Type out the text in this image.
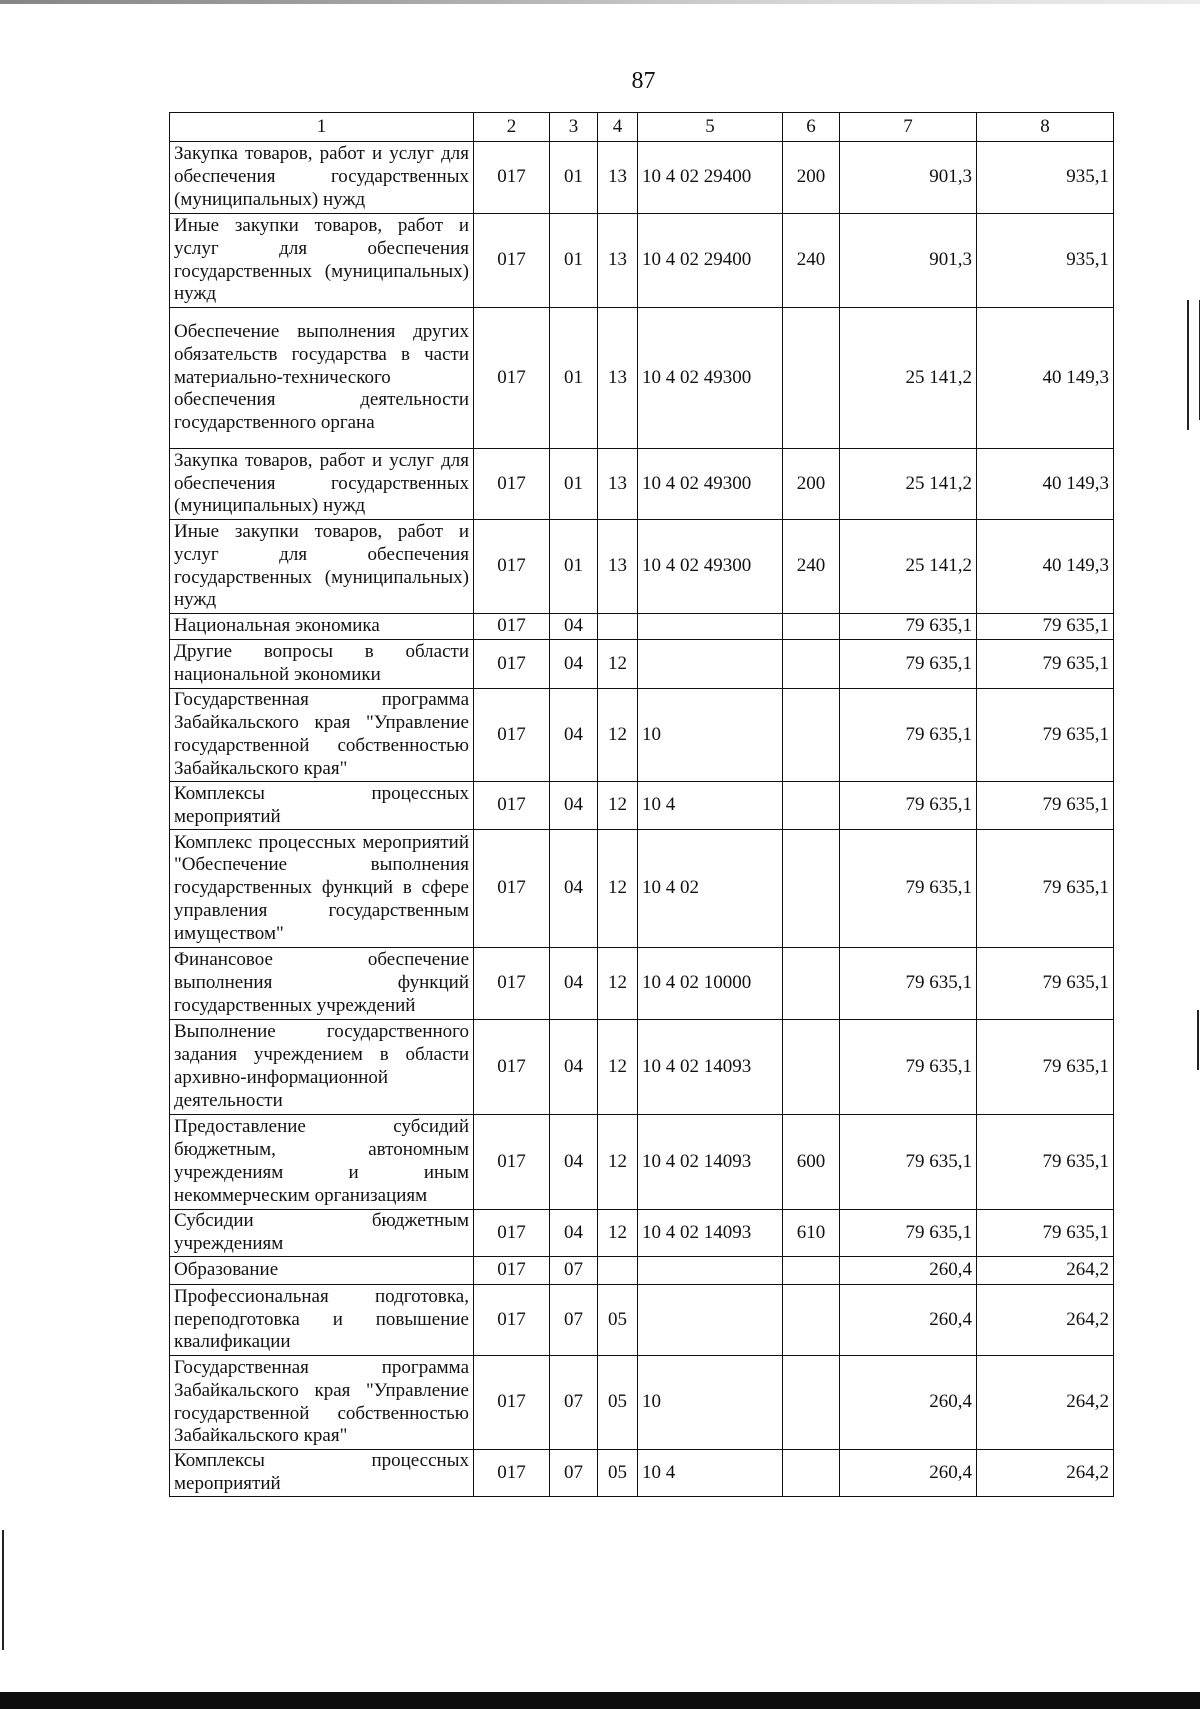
87
1	2	3	4	5	6	7	8
Закупка товаров, работ и услуг для обеспечения государственных (муниципальных) нужд	017	01	13	10 4 02 29400	200	901,3	935,1
Иные закупки товаров, работ и услуг для обеспечения государственных (муниципальных) нужд	017	01	13	10 4 02 29400	240	901,3	935,1
Обеспечение выполнения других обязательств государства в части материально-технического обеспечения деятельности государственного органа	017	01	13	10 4 02 49300		25 141,2	40 149,3
Закупка товаров, работ и услуг для обеспечения государственных (муниципальных) нужд	017	01	13	10 4 02 49300	200	25 141,2	40 149,3
Иные закупки товаров, работ и услуг для обеспечения государственных (муниципальных) нужд	017	01	13	10 4 02 49300	240	25 141,2	40 149,3
Национальная экономика	017	04				79 635,1	79 635,1
Другие вопросы в области национальной экономики	017	04	12			79 635,1	79 635,1
Государственная программа Забайкальского края "Управление государственной собственностью Забайкальского края"	017	04	12	10		79 635,1	79 635,1
Комплексы процессных мероприятий	017	04	12	10 4		79 635,1	79 635,1
Комплекс процессных мероприятий "Обеспечение выполнения государственных функций в сфере управления государственным имуществом"	017	04	12	10 4 02		79 635,1	79 635,1
Финансовое обеспечение выполнения функций государственных учреждений	017	04	12	10 4 02 10000		79 635,1	79 635,1
Выполнение государственного задания учреждением в области архивно-информационной деятельности	017	04	12	10 4 02 14093		79 635,1	79 635,1
Предоставление субсидий бюджетным, автономным учреждениям и иным некоммерческим организациям	017	04	12	10 4 02 14093	600	79 635,1	79 635,1
Субсидии бюджетным учреждениям	017	04	12	10 4 02 14093	610	79 635,1	79 635,1
Образование	017	07				260,4	264,2
Профессиональная подготовка, переподготовка и повышение квалификации	017	07	05			260,4	264,2
Государственная программа Забайкальского края "Управление государственной собственностью Забайкальского края"	017	07	05	10		260,4	264,2
Комплексы процессных мероприятий	017	07	05	10 4		260,4	264,2
